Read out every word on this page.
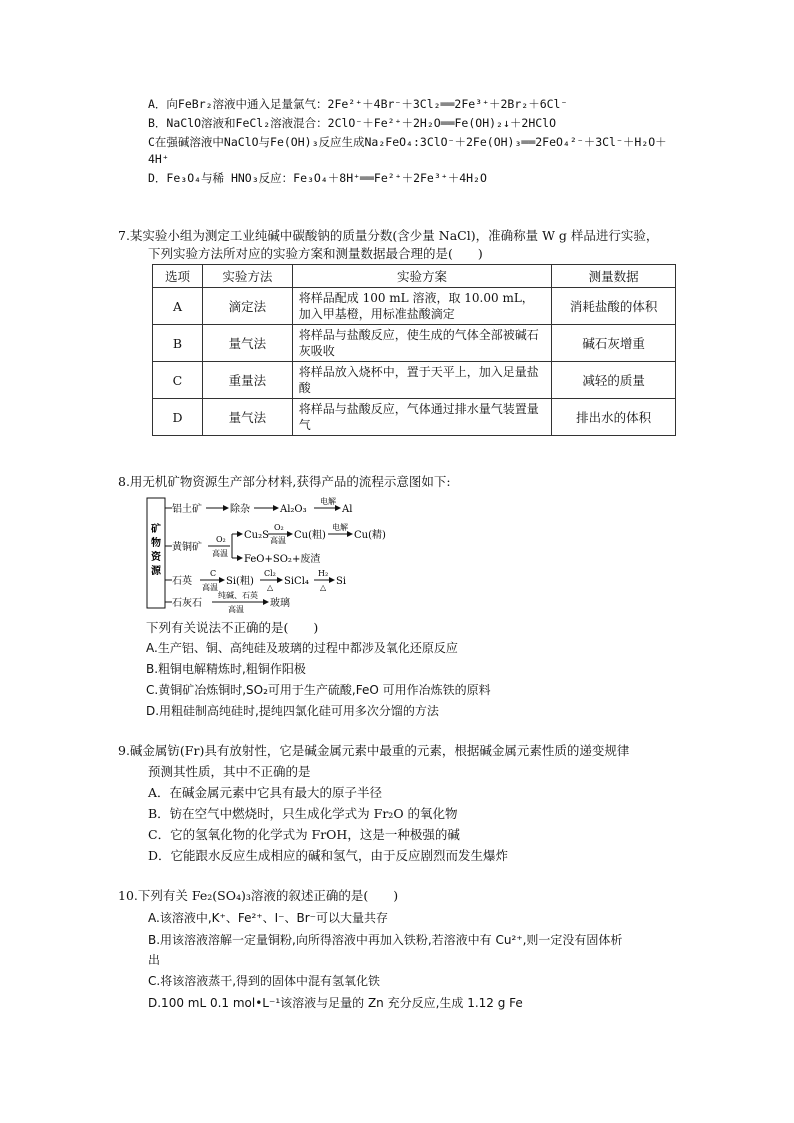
A．向FeBr₂溶液中通入足量氯气：2Fe²⁺＋4Br⁻＋3Cl₂══2Fe³⁺＋2Br₂＋6Cl⁻
B．NaClO溶液和FeCl₂溶液混合：2ClO⁻＋Fe²⁺＋2H₂O══Fe(OH)₂↓＋2HClO
C在强碱溶液中NaClO与Fe(OH)₃反应生成Na₂FeO₄:3ClO⁻＋2Fe(OH)₃══2FeO₄²⁻＋3Cl⁻＋H₂O＋
4H⁺
D．Fe₃O₄与稀 HNO₃反应：Fe₃O₄＋8H⁺══Fe²⁺＋2Fe³⁺＋4H₂O
7.某实验小组为测定工业纯碱中碳酸钠的质量分数(含少量 NaCl)，准确称量 W g 样品进行实验，
下列实验方法所对应的实验方案和测量数据最合理的是(　　)
选项	实验方法	实验方案	测量数据
A	滴定法	将样品配成 100 mL 溶液，取 10.00 mL，加入甲基橙，用标准盐酸滴定	消耗盐酸的体积
B	量气法	将样品与盐酸反应，使生成的气体全部被碱石灰吸收	碱石灰增重
C	重量法	将样品放入烧杯中，置于天平上，加入足量盐酸	减轻的质量
D	量气法	将样品与盐酸反应，气体通过排水量气装置量气	排出水的体积
8.用无机矿物资源生产部分材料,获得产品的流程示意图如下:
矿
物
资
源
铝土矿	除杂	Al₂O₃
电解
Al
黄铜矿
O₂
高温
Cu₂S
O₂
高温 Cu(粗)
电解
Cu(精)
FeO+SO₂+废渣
石英
C
高温
Si(粗)
Cl₂
△
SiCl₄
H₂
△
Si
石灰石
纯碱、石英
高温
玻璃
下列有关说法不正确的是(　　)
A.生产铝、铜、高纯硅及玻璃的过程中都涉及氧化还原反应
B.粗铜电解精炼时,粗铜作阳极
C.黄铜矿冶炼铜时,SO₂可用于生产硫酸,FeO 可用作冶炼铁的原料
D.用粗硅制高纯硅时,提纯四氯化硅可用多次分馏的方法
9.碱金属钫(Fr)具有放射性，它是碱金属元素中最重的元素，根据碱金属元素性质的递变规律
预测其性质，其中不正确的是
A．在碱金属元素中它具有最大的原子半径
B．钫在空气中燃烧时，只生成化学式为 Fr₂O 的氧化物
C．它的氢氧化物的化学式为 FrOH，这是一种极强的碱
D．它能跟水反应生成相应的碱和氢气，由于反应剧烈而发生爆炸
10.下列有关 Fe₂(SO₄)₃溶液的叙述正确的是(　　)
A.该溶液中,K⁺、Fe²⁺、I⁻、Br⁻可以大量共存
B.用该溶液溶解一定量铜粉,向所得溶液中再加入铁粉,若溶液中有 Cu²⁺,则一定没有固体析
出
C.将该溶液蒸干,得到的固体中混有氢氧化铁
D.100 mL 0.1 mol•L⁻¹该溶液与足量的 Zn 充分反应,生成 1.12 g Fe
